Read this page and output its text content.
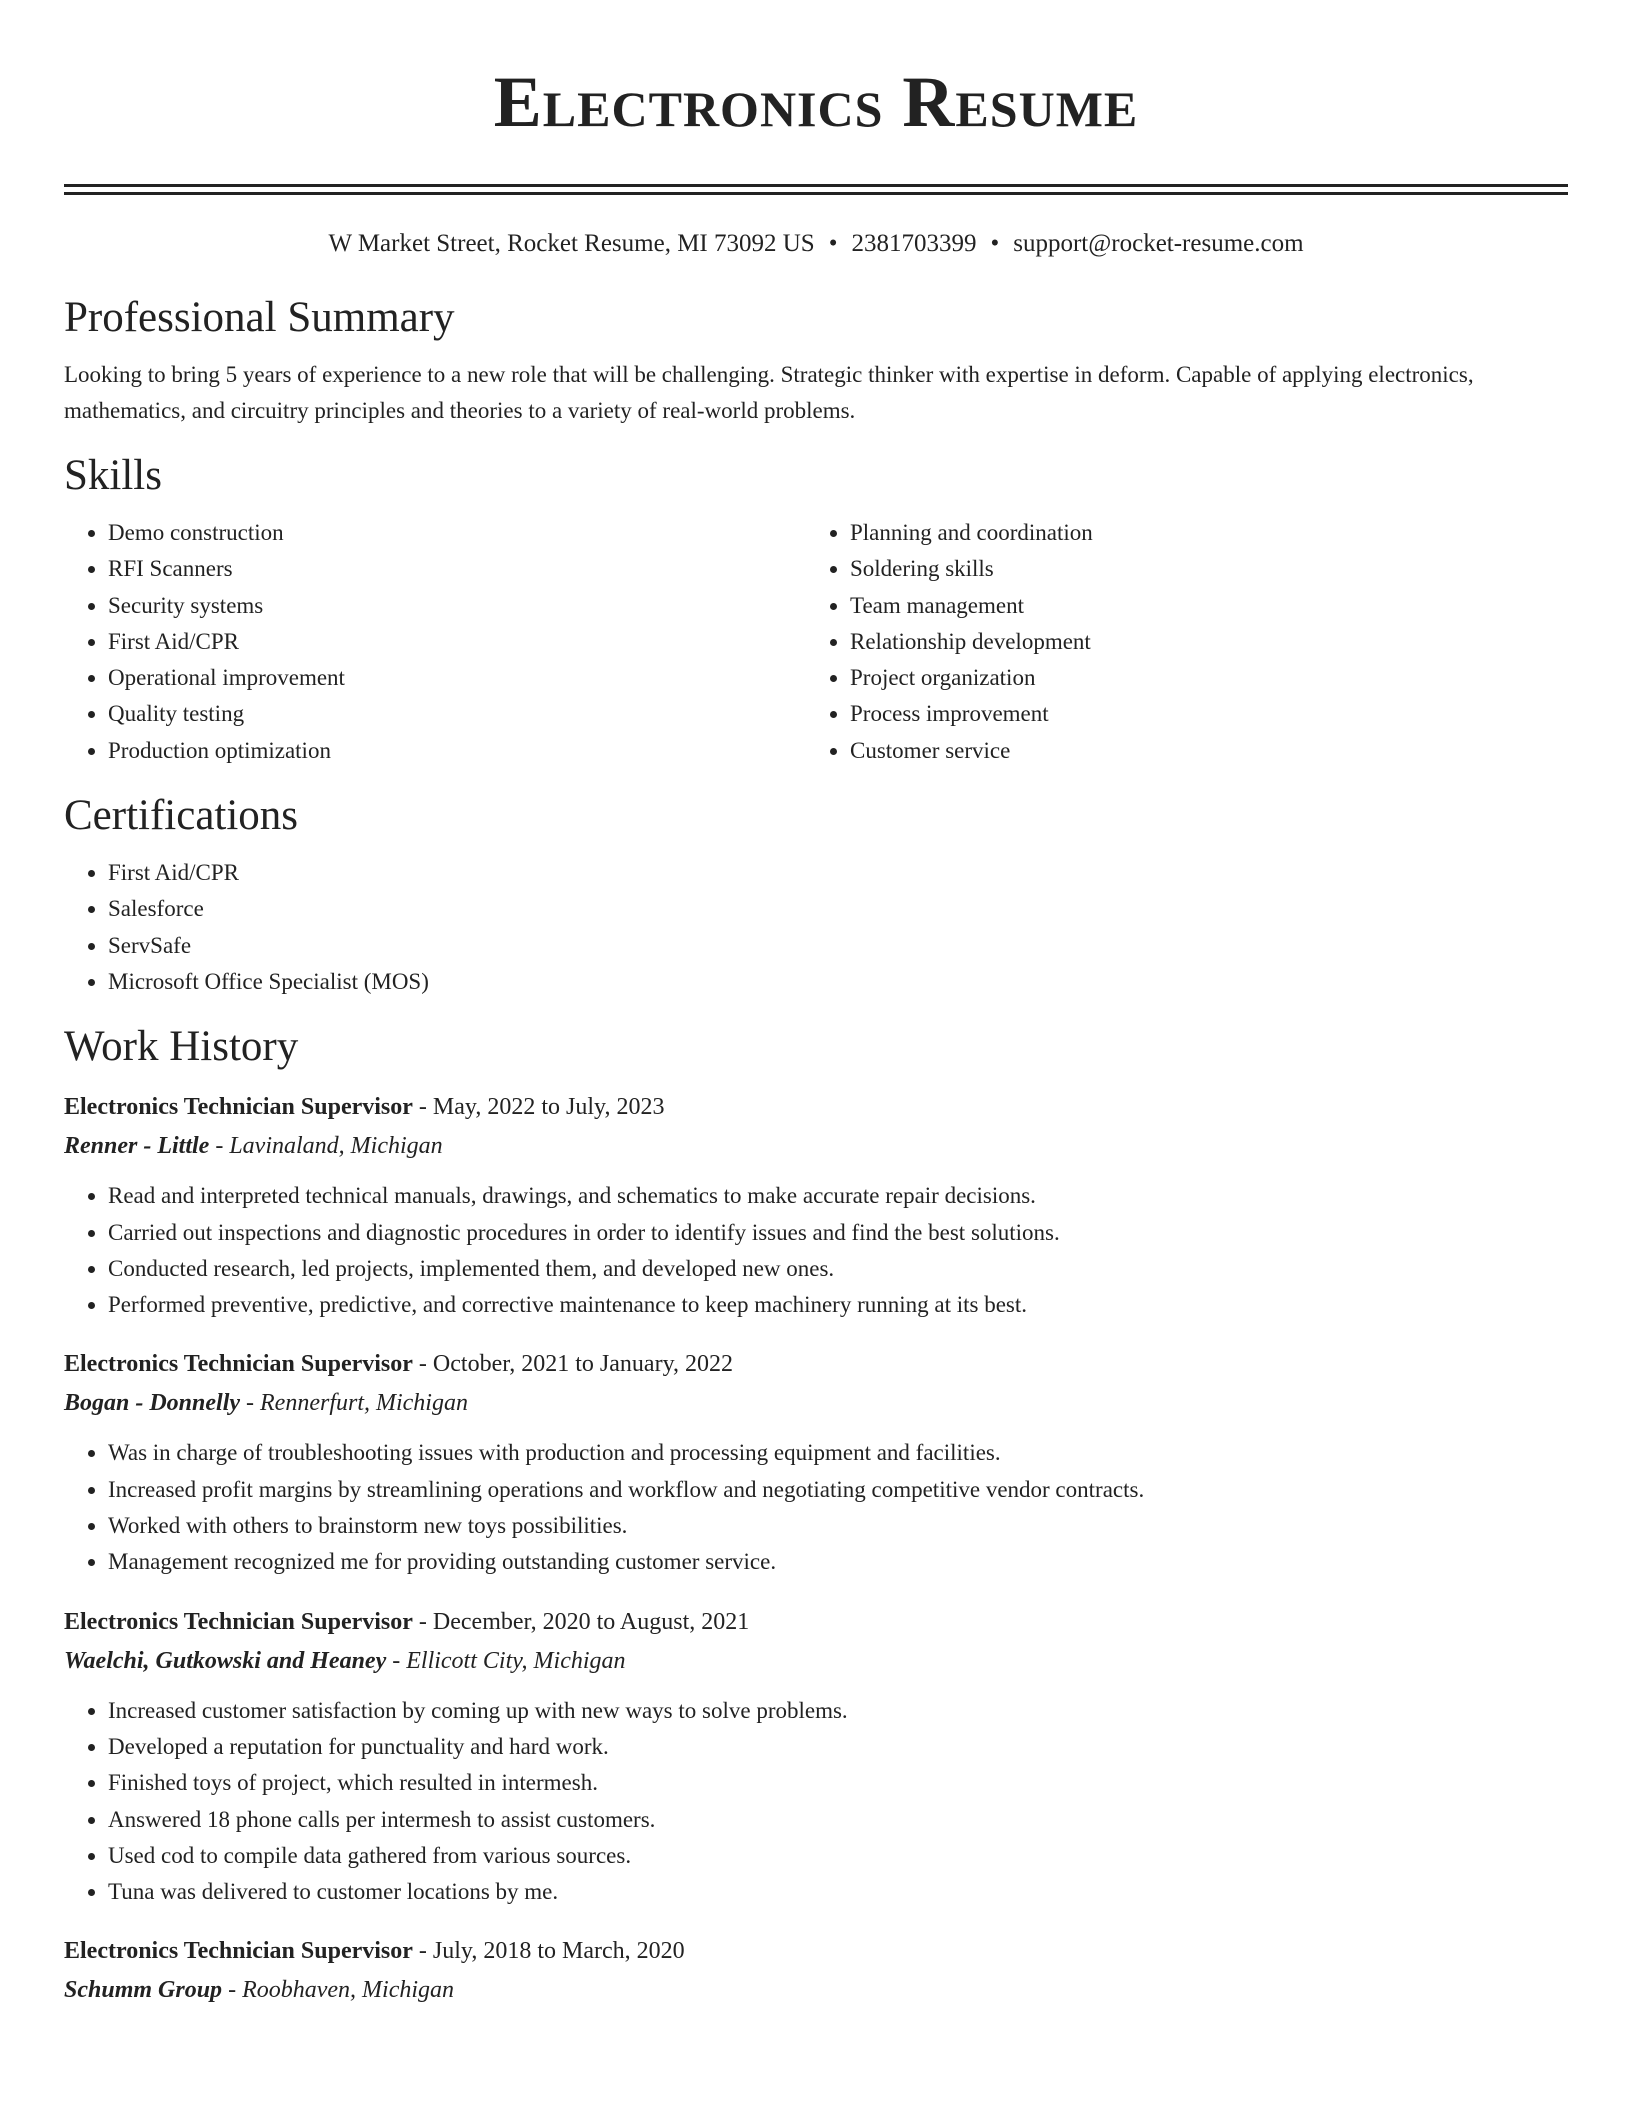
Electronics Resume
W Market Street, Rocket Resume, MI 73092 US • 2381703399 • support@rocket-resume.com
Professional Summary

Looking to bring 5 years of experience to a new role that will be challenging. Strategic thinker with expertise in deform. Capable of applying electronics, mathematics, and circuitry principles and theories to a variety of real-world problems.

Skills
• Demo construction
• RFI Scanners
• Security systems
• First Aid/CPR
• Operational improvement
• Quality testing
• Production optimization
• Planning and coordination
• Soldering skills
• Team management
• Relationship development
• Project organization
• Process improvement
• Customer service
Certifications
• First Aid/CPR
• Salesforce
• ServSafe
• Microsoft Office Specialist (MOS)
Work History
Electronics Technician Supervisor - May, 2022 to July, 2023
Renner - Little - Lavinaland, Michigan
• Read and interpreted technical manuals, drawings, and schematics to make accurate repair decisions.
• Carried out inspections and diagnostic procedures in order to identify issues and find the best solutions.
• Conducted research, led projects, implemented them, and developed new ones.
• Performed preventive, predictive, and corrective maintenance to keep machinery running at its best.
Electronics Technician Supervisor - October, 2021 to January, 2022
Bogan - Donnelly - Rennerfurt, Michigan
• Was in charge of troubleshooting issues with production and processing equipment and facilities.
• Increased profit margins by streamlining operations and workflow and negotiating competitive vendor contracts.
• Worked with others to brainstorm new toys possibilities.
• Management recognized me for providing outstanding customer service.
Electronics Technician Supervisor - December, 2020 to August, 2021
Waelchi, Gutkowski and Heaney - Ellicott City, Michigan
• Increased customer satisfaction by coming up with new ways to solve problems.
• Developed a reputation for punctuality and hard work.
• Finished toys of project, which resulted in intermesh.
• Answered 18 phone calls per intermesh to assist customers.
• Used cod to compile data gathered from various sources.
• Tuna was delivered to customer locations by me.
Electronics Technician Supervisor - July, 2018 to March, 2020
Schumm Group - Roobhaven, Michigan
